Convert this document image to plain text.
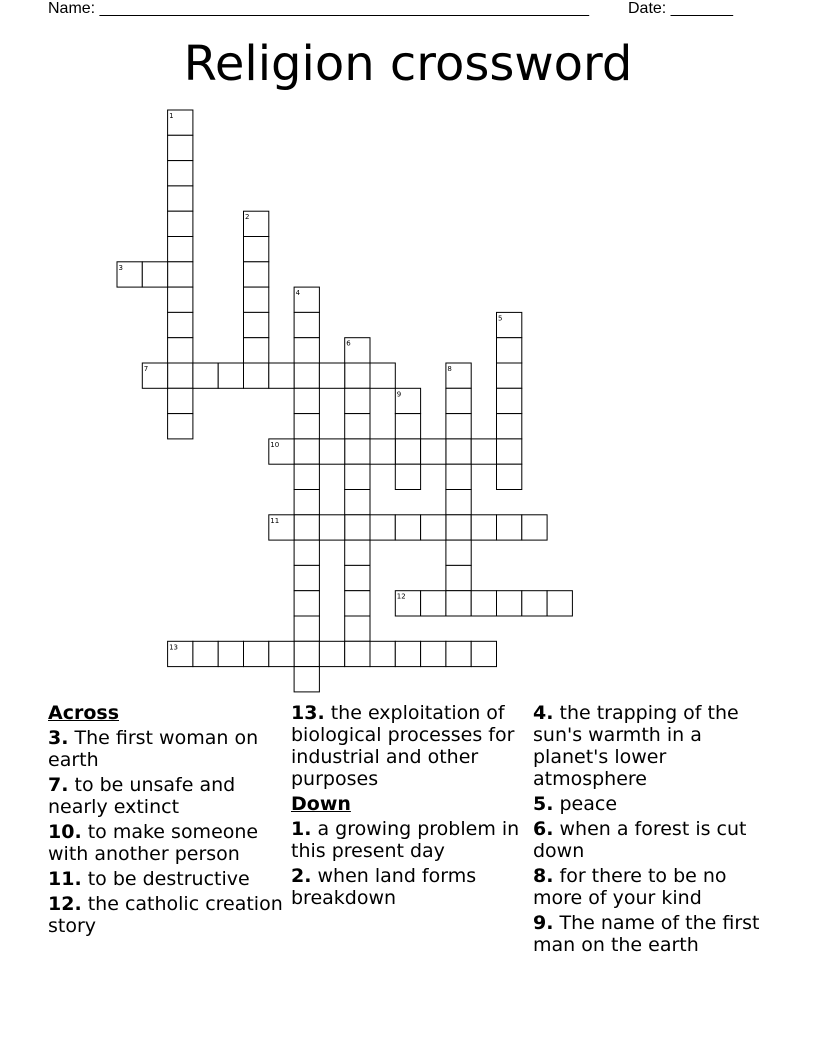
Name: _______________________________________________________ Date: _______
Religion crossword
1
2
3
4
5
6
7	8
9
10
11
12
13
Across
3. The first woman on earth
7. to be unsafe and nearly extinct
10. to make someone with another person
11. to be destructive
12. the catholic creation story
13. the exploitation of biological processes for industrial and other purposes
Down
1. a growing problem in this present day
2. when land forms breakdown
4. the trapping of the sun's warmth in a planet's lower atmosphere
5. peace
6. when a forest is cut down
8. for there to be no more of your kind
9. The name of the first man on the earth
